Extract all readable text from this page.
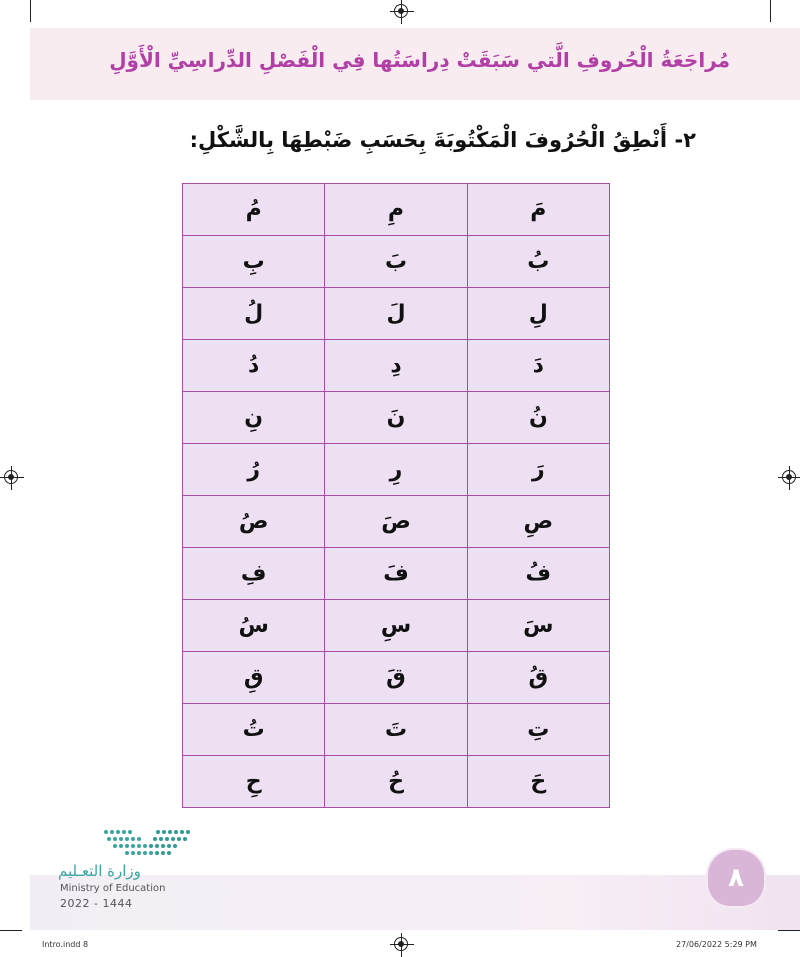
مُراجَعَةُ الْحُروفِ الَّتي سَبَقَتْ دِراسَتُها فِي الْفَصْلِ الدِّراسِيِّ الْأَوَّلِ
٢- أَنْطِقُ الْحُرُوفَ الْمَكْتُوبَةَ بِحَسَبِ ضَبْطِهَا بِالشَّكْلِ:
مُ	مِ	مَ
بِ	بَ	بُ
لُ	لَ	لِ
دُ	دِ	دَ
نِ	نَ	نُ
رُ	رِ	رَ
صُ	صَ	صِ
فِ	فَ	فُ
سُ	سِ	سَ
قِ	قَ	قُ
تُ	تَ	تِ
حِ	حُ	حَ
٨
وزارة التعـليم
Ministry of Education
2022 - 1444
Intro.indd 8	27/06/2022 5:29 PM
